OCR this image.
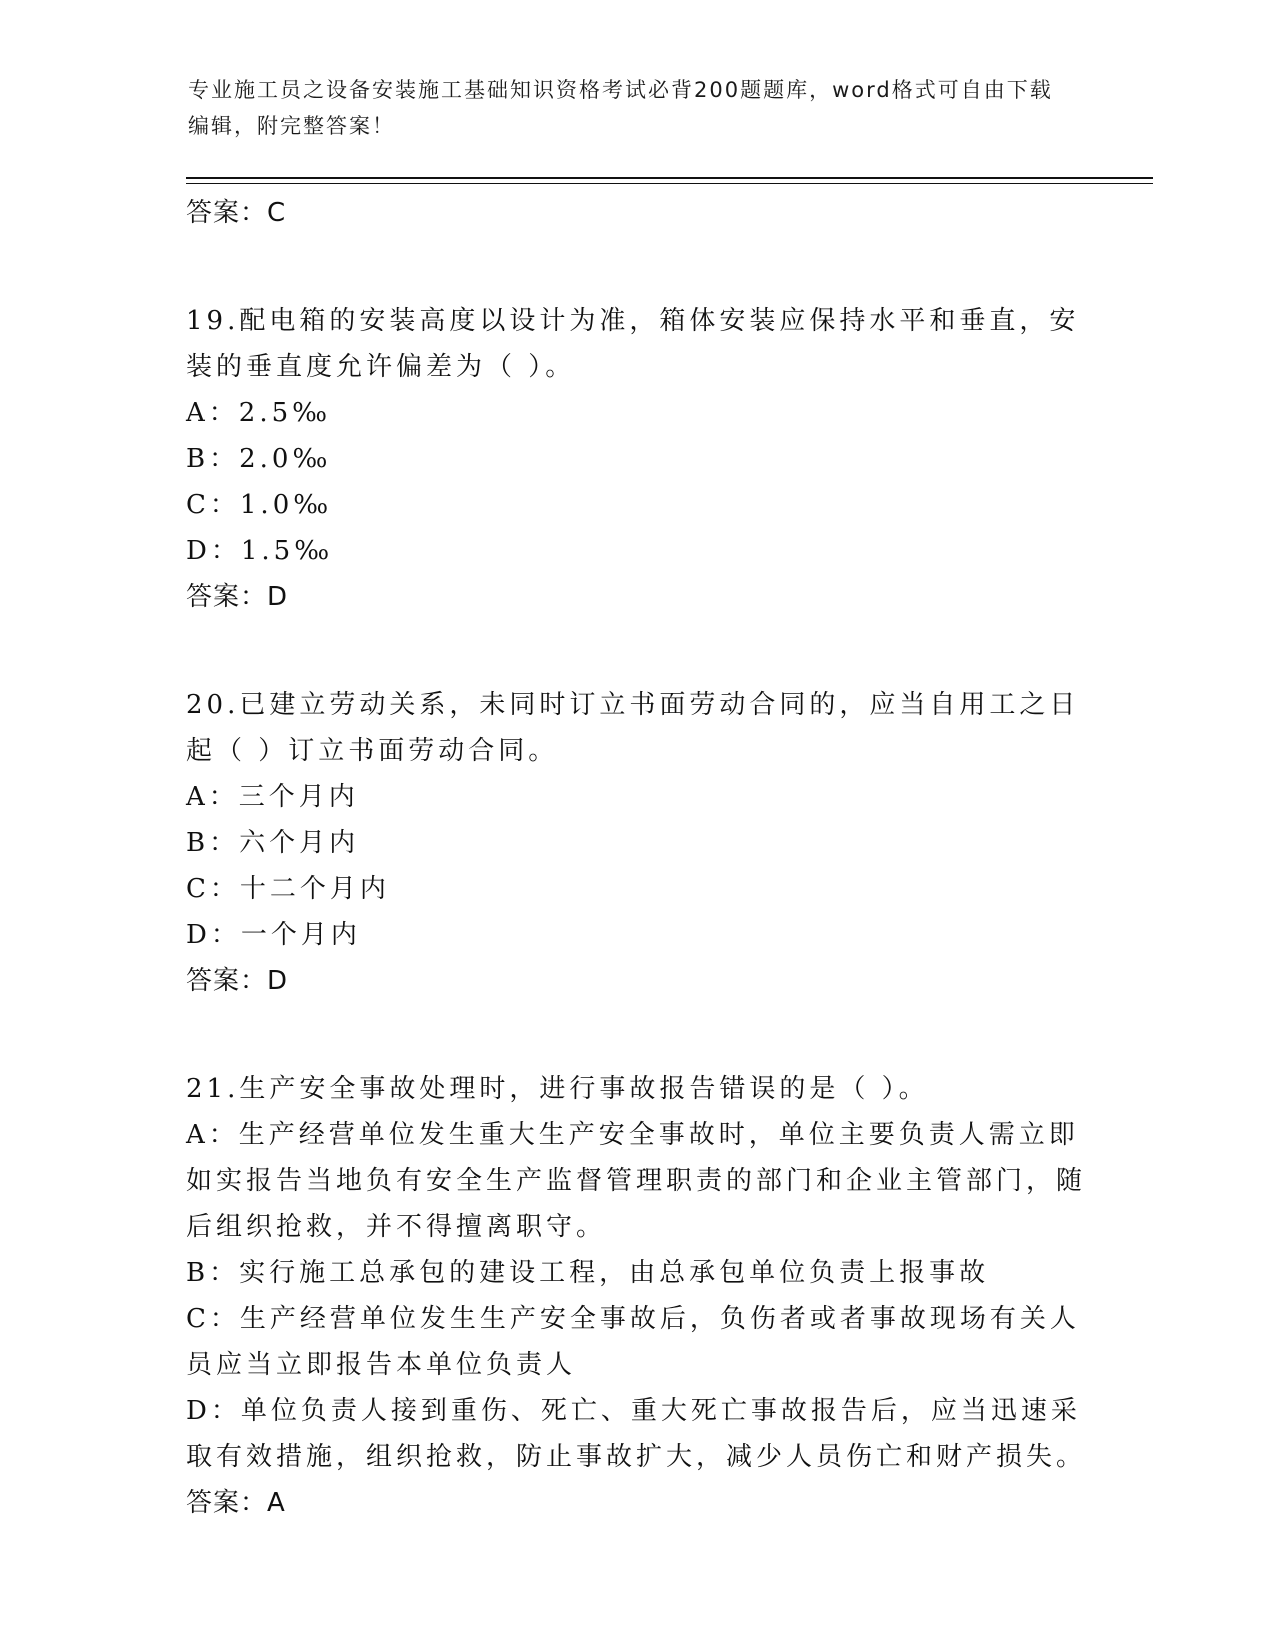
专业施工员之设备安装施工基础知识资格考试必背200题题库，word格式可自由下载编辑，附完整答案！

答案：C

19.配电箱的安装高度以设计为准，箱体安装应保持水平和垂直，安装的垂直度允许偏差为（ ）。

A：2.5‰

B：2.0‰

C：1.0‰

D：1.5‰

答案：D

20.已建立劳动关系，未同时订立书面劳动合同的，应当自用工之日起（ ）订立书面劳动合同。

A：三个月内

B：六个月内

C：十二个月内

D：一个月内

答案：D

21.生产安全事故处理时，进行事故报告错误的是（ ）。

A：生产经营单位发生重大生产安全事故时，单位主要负责人需立即如实报告当地负有安全生产监督管理职责的部门和企业主管部门，随后组织抢救，并不得擅离职守。

B：实行施工总承包的建设工程，由总承包单位负责上报事故

C：生产经营单位发生生产安全事故后，负伤者或者事故现场有关人员应当立即报告本单位负责人

D：单位负责人接到重伤、死亡、重大死亡事故报告后，应当迅速采取有效措施，组织抢救，防止事故扩大，减少人员伤亡和财产损失。

答案：A
